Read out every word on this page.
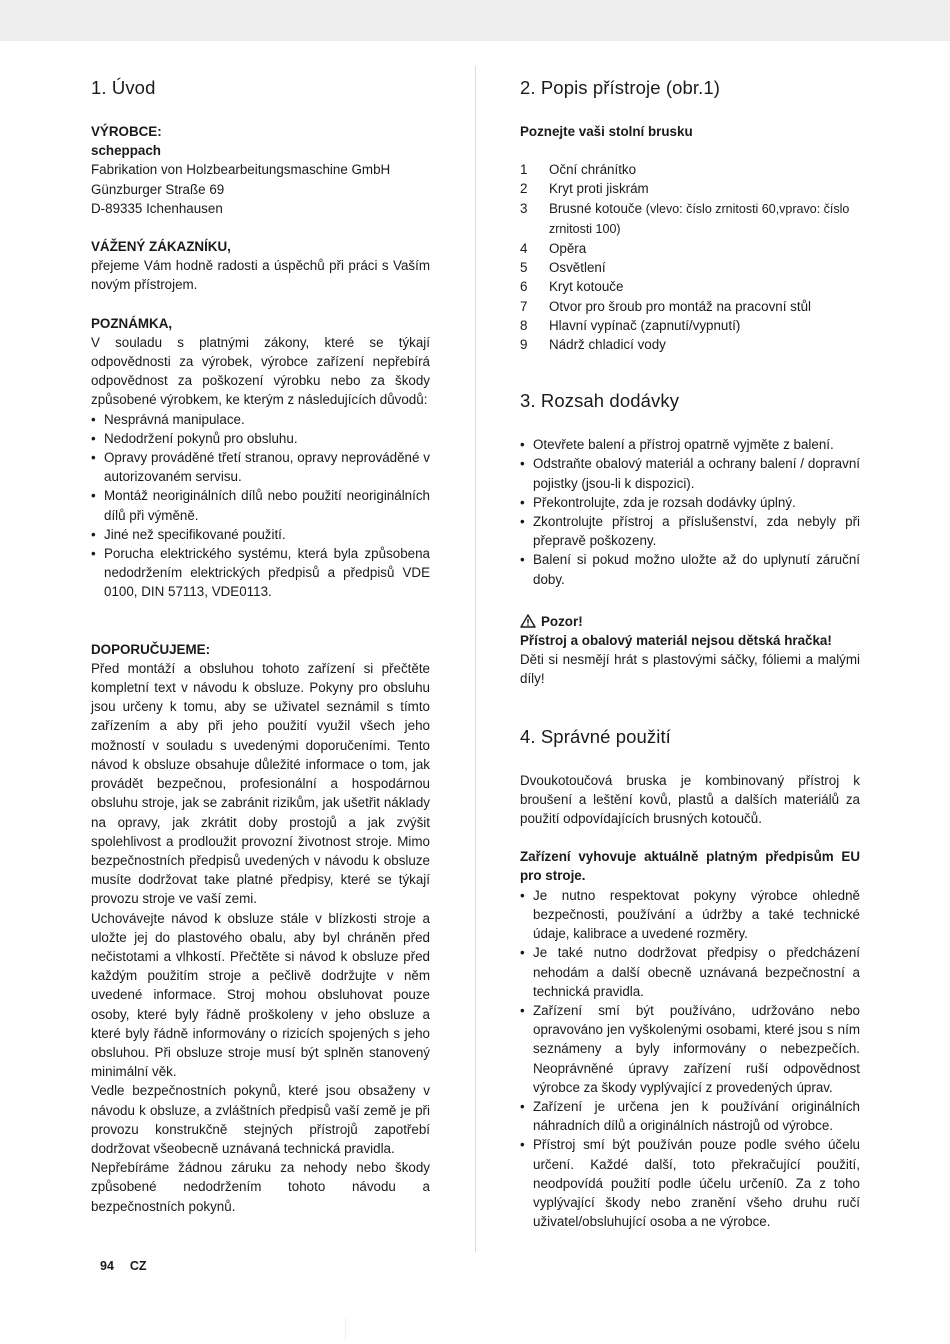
1. Úvod
VÝROBCE:
scheppach
Fabrikation von Holzbearbeitungsmaschine GmbH
Günzburger Straße 69
D-89335 Ichenhausen
VÁŽENÝ ZÁKAZNÍKU,

přejeme Vám hodně radosti a úspěchů při práci s Vaším novým přístrojem.

POZNÁMKA,

V souladu s platnými zákony, které se týkají odpovědnosti za výrobek, výrobce zařízení nepřebírá odpovědnost za poškození výrobku nebo za škody způsobené výrobkem, ke kterým z následujících důvodů:

• Nesprávná manipulace.
• Nedodržení pokynů pro obsluhu.
• Opravy prováděné třetí stranou, opravy neprováděné v autorizovaném servisu.
• Montáž neoriginálních dílů nebo použití neoriginálních dílů při výměně.
• Jiné než specifikované použití.
• Porucha elektrického systému, která byla způsobena nedodržením elektrických předpisů a předpisů VDE 0100, DIN 57113, VDE0113.
DOPORUČUJEME:

Před montáží a obsluhou tohoto zařízení si přečtěte kompletní text v návodu k obsluze. Pokyny pro obsluhu jsou určeny k tomu, aby se uživatel seznámil s tímto zařízením a aby při jeho použití využil všech jeho možností v souladu s uvedenými doporučeními. Tento návod k obsluze obsahuje důležité informace o tom, jak provádět bezpečnou, profesionální a hospodárnou obsluhu stroje, jak se zabránit rizikům, jak ušetřit náklady na opravy, jak zkrátit doby prostojů a jak zvýšit spolehlivost a prodloužit provozní životnost stroje. Mimo bezpečnostních předpisů uvedených v návodu k obsluze musíte dodržovat take platné předpisy, které se týkají provozu stroje ve vaší zemi.

Uchovávejte návod k obsluze stále v blízkosti stroje a uložte jej do plastového obalu, aby byl chráněn před nečistotami a vlhkostí. Přečtěte si návod k obsluze před každým použitím stroje a pečlivě dodržujte v něm uvedené informace. Stroj mohou obsluhovat pouze osoby, které byly řádně proškoleny v jeho obsluze a které byly řádně informovány o rizicích spojených s jeho obsluhou. Při obsluze stroje musí být splněn stanovený minimální věk.

Vedle bezpečnostních pokynů, které jsou obsaženy v návodu k obsluze, a zvláštních předpisů vaší země je při provozu konstrukčně stejných přístrojů zapotřebí dodržovat všeobecně uznávaná technická pravidla.

Nepřebíráme žádnou záruku za nehody nebo škody způsobené nedodržením tohoto návodu a bezpečnostních pokynů.

2. Popis přístroje (obr.1)
Poznejte vaši stolní brusku
1	Oční chránítko
2	Kryt proti jiskrám
3	Brusné kotouče (vlevo: číslo zrnitosti 60,vpravo: číslo zrnitosti 100)
4	Opěra
5	Osvětlení
6	Kryt kotouče
7	Otvor pro šroub pro montáž na pracovní stůl
8	Hlavní vypínač (zapnutí/vypnutí)
9	Nádrž chladicí vody
3. Rozsah dodávky
• Otevřete balení a přístroj opatrně vyjměte z balení.
• Odstraňte obalový materiál a ochrany balení / dopravní pojistky (jsou-li k dispozici).
• Překontrolujte, zda je rozsah dodávky úplný.
• Zkontrolujte přístroj a příslušenství, zda nebyly při přepravě poškozeny.
• Balení si pokud možno uložte až do uplynutí záruční doby.
Pozor!

Přístroj a obalový materiál nejsou dětská hračka!

Děti si nesmějí hrát s plastovými sáčky, fóliemi a malými díly!

4. Správné použití

Dvoukotoučová bruska je kombinovaný přístroj k broušení a leštění kovů, plastů a dalších materiálů za použití odpovídajících brusných kotoučů.

Zařízení vyhovuje aktuálně platným předpisům EU pro stroje.

• Je nutno respektovat pokyny výrobce ohledně bezpečnosti, používání a údržby a také technické údaje, kalibrace a uvedené rozměry.
• Je také nutno dodržovat předpisy o předcházení nehodám a další obecně uznávaná bezpečnostní a technická pravidla.
• Zařízení smí být používáno, udržováno nebo opravováno jen vyškolenými osobami, které jsou s ním seznámeny a byly informovány o nebezpečích. Neoprávněné úpravy zařízení ruší odpovědnost výrobce za škody vyplývající z provedených úprav.
• Zařízení je určena jen k používání originálních náhradních dílů a originálních nástrojů od výrobce.
• Přístroj smí být používán pouze podle svého účelu určení. Každé další, toto překračující použití, neodpovídá použití podle účelu určení0. Za z toho vyplývající škody nebo zranění všeho druhu ručí uživatel/obsluhující osoba a ne výrobce.
94 CZ
